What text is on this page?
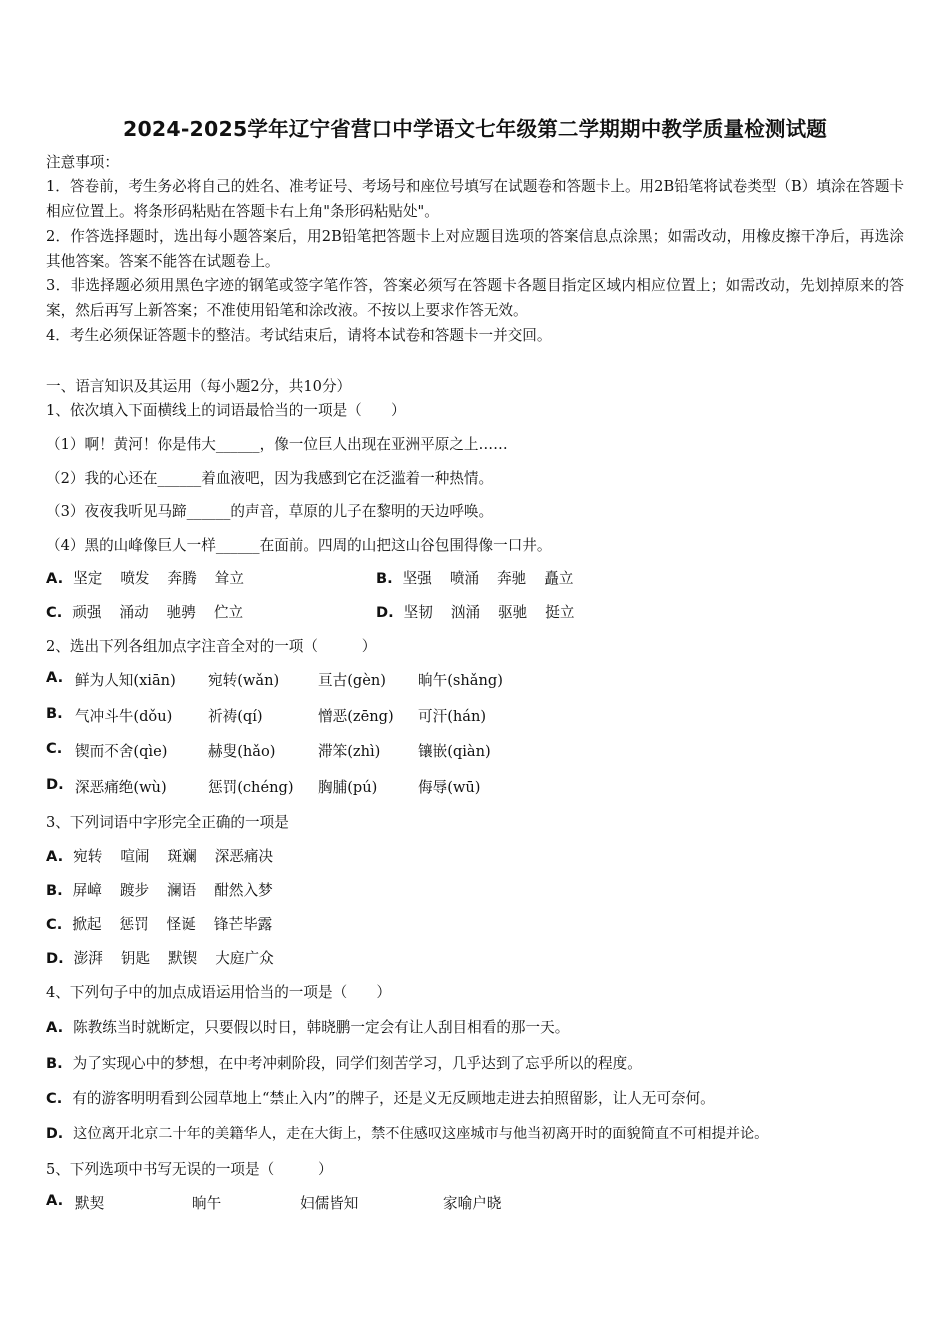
2024-2025学年辽宁省营口中学语文七年级第二学期期中教学质量检测试题
注意事项：
1．答卷前，考生务必将自己的姓名、准考证号、考场号和座位号填写在试题卷和答题卡上。用2B铅笔将试卷类型（B）填涂在答题卡相应位置上。将条形码粘贴在答题卡右上角"条形码粘贴处"。
2．作答选择题时，选出每小题答案后，用2B铅笔把答题卡上对应题目选项的答案信息点涂黑；如需改动，用橡皮擦干净后，再选涂其他答案。答案不能答在试题卷上。
3．非选择题必须用黑色字迹的钢笔或签字笔作答，答案必须写在答题卡各题目指定区域内相应位置上；如需改动，先划掉原来的答案，然后再写上新答案；不准使用铅笔和涂改液。不按以上要求作答无效。
4．考生必须保证答题卡的整洁。考试结束后，请将本试卷和答题卡一并交回。
一、语言知识及其运用（每小题2分，共10分）
1、依次填入下面横线上的词语最恰当的一项是（　　）
（1）啊！黄河！你是伟大______，像一位巨人出现在亚洲平原之上……
（2）我的心还在______着血液吧，因为我感到它在泛滥着一种热情。
（3）夜夜我听见马蹄______的声音，草原的儿子在黎明的天边呼唤。
（4）黑的山峰像巨人一样______在面前。四周的山把这山谷包围得像一口井。
A. 坚定 喷发 奔腾 耸立	B. 坚强 喷涌 奔驰 矗立
C. 顽强 涌动 驰骋 伫立	D. 坚韧 汹涌 驱驰 挺立
2、选出下列各组加点字注音全对的一项（　　　）
A. 鲜为人知(xiān) 宛转(wǎn)	亘古(gèn) 晌午(shǎng)
B. 气冲斗牛(dǒu) 祈祷(qí)	憎恶(zēng) 可汗(hán)
C. 锲而不舍(qìe)	赫叟(hǎo)	滞笨(zhì)	镶嵌(qiàn)
D. 深恶痛绝(wù)	惩罚(chéng) 胸脯(pú)	侮辱(wū)
3、下列词语中字形完全正确的一项是
A. 宛转 喧闹 斑斓 深恶痛决
B. 屏嶂 踱步 澜语 酣然入梦
C. 掀起 惩罚 怪诞 锋芒毕露
D. 澎湃 钥匙 默锲 大庭广众
4、下列句子中的加点成语运用恰当的一项是（　　）
A. 陈教练当时就断定，只要假以时日，韩晓鹏一定会有让人刮目相看的那一天。
B. 为了实现心中的梦想，在中考冲刺阶段，同学们刻苦学习，几乎达到了忘乎所以的程度。
C. 有的游客明明看到公园草地上“禁止入内”的牌子，还是义无反顾地走进去拍照留影，让人无可奈何。
D. 这位离开北京二十年的美籍华人，走在大街上，禁不住感叹这座城市与他当初离开时的面貌简直不可相提并论。
5、下列选项中书写无误的一项是（　　　）
A. 默契	晌午	妇儒皆知	家喻户晓
